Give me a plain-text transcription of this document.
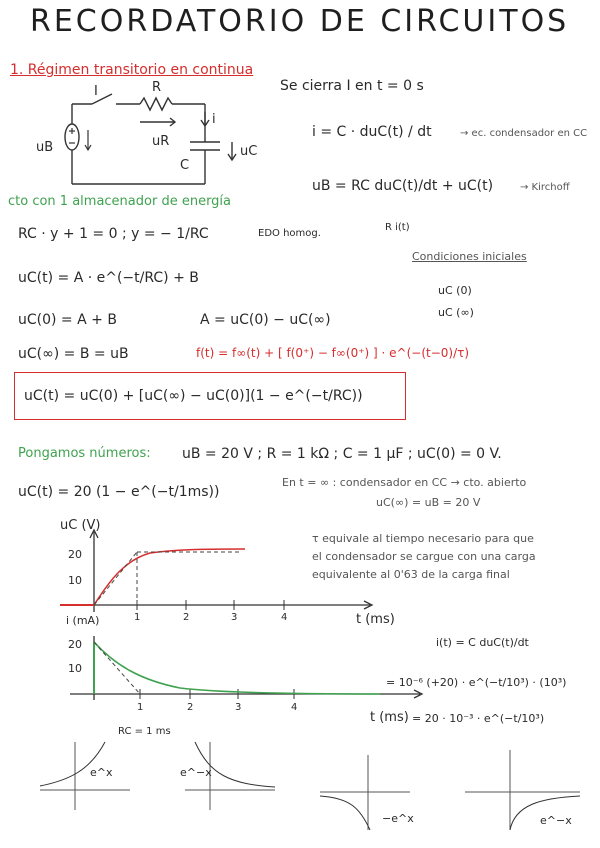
RECORDATORIO DE CIRCUITOS
1. Régimen transitorio en continua
Se cierra I en t = 0 s
I	R
i
uB	uR
C
uC
i = C · duC(t) / dt	→ ec. condensador en CC
uB = RC duC(t)/dt + uC(t)	→ Kirchoff
R i(t)
cto con 1 almacenador de energía
RC · y + 1 = 0 ; y = − 1/RC	EDO homog.
Condiciones iniciales
uC (0)
uC (∞)
uC(t) = A · e^(−t/RC) + B
uC(0) = A + B	A = uC(0) − uC(∞)
uC(∞) = B = uB	f(t) = f∞(t) + [ f(0⁺) − f∞(0⁺) ] · e^(−(t−0)/τ)
uC(t) = uC(0) + [uC(∞) − uC(0)](1 − e^(−t/RC))
Pongamos números: uB = 20 V ; R = 1 kΩ ; C = 1 μF ; uC(0) = 0 V.
uC(t) = 20 (1 − e^(−t/1ms))
En t = ∞ : condensador en CC → cto. abierto
uC(∞) = uB = 20 V
τ equivale al tiempo necesario para que
el condensador se cargue con una carga
equivalente al 0'63 de la carga final
uC (V)
20
10
1	2	3	4	t (ms)
i (mA)
20
10
1	2	3	4
t (ms)
RC = 1 ms
i(t) = C duC(t)/dt
= 10⁻⁶ (+20) · e^(−t/10³) · (10³)
= 20 · 10⁻³ · e^(−t/10³)
e^x	e^−x
−e^x	e^−x
